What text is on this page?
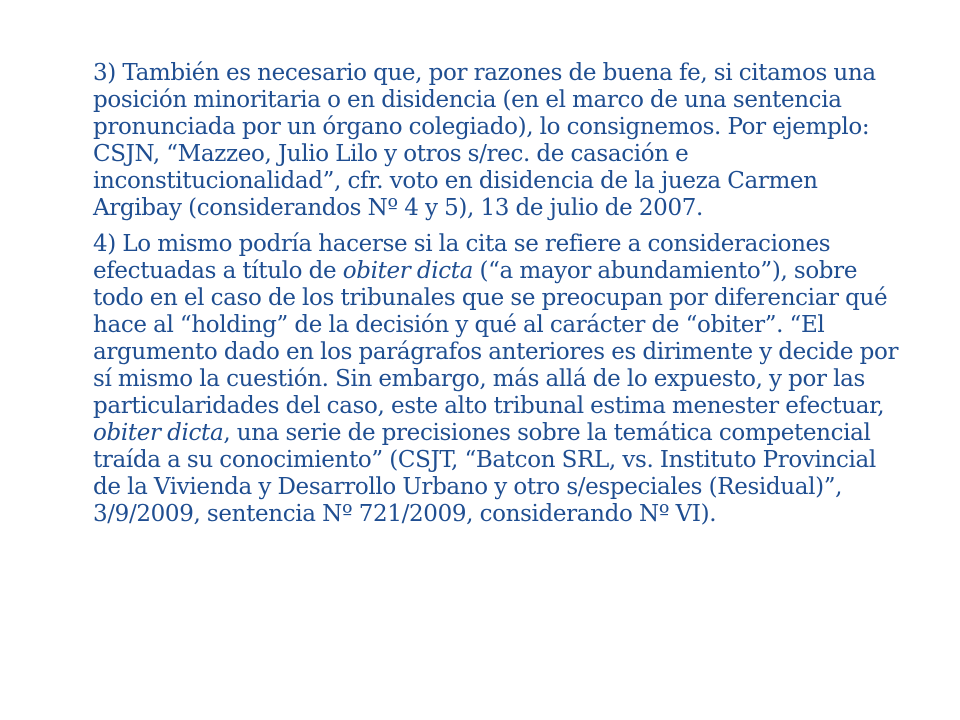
3) También es necesario que, por razones de buena fe, si citamos una posición minoritaria o en disidencia (en el marco de una sentencia pronunciada por un órgano colegiado), lo consignemos. Por ejemplo: CSJN, “Mazzeo, Julio Lilo y otros s/rec. de casación e inconstitucionalidad”, cfr. voto en disidencia de la jueza Carmen Argibay (considerandos Nº 4 y 5), 13 de julio de 2007.

4) Lo mismo podría hacerse si la cita se refiere a consideraciones efectuadas a título de obiter dicta (“a mayor abundamiento”), sobre todo en el caso de los tribunales que se preocupan por diferenciar qué hace al “holding” de la decisión y qué al carácter de “obiter”. “El argumento dado en los parágrafos anteriores es dirimente y decide por sí mismo la cuestión. Sin embargo, más allá de lo expuesto, y por las particularidades del caso, este alto tribunal estima menester efectuar, obiter dicta, una serie de precisiones sobre la temática competencial traída a su conocimiento” (CSJT, “Batcon SRL, vs. Instituto Provincial de la Vivienda y Desarrollo Urbano y otro s/especiales (Residual)”, 3/9/2009, sentencia Nº 721/2009, considerando Nº VI).
